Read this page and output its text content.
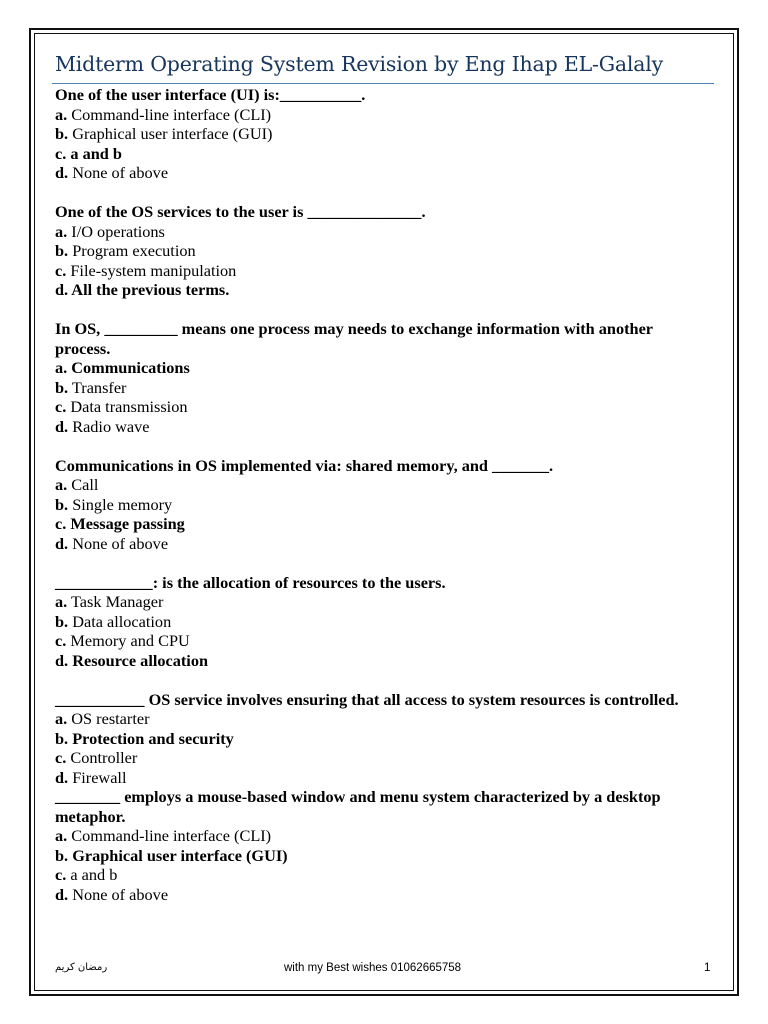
Midterm Operating System Revision by Eng Ihap EL-Galaly
One of the user interface (UI) is:__________.
a. Command-line interface (CLI)
b. Graphical user interface (GUI)
c. a and b
d. None of above
One of the OS services to the user is ______________.
a. I/O operations
b. Program execution
c. File-system manipulation
d. All the previous terms.
In OS, _________ means one process may needs to exchange information with another process.
a. Communications
b. Transfer
c. Data transmission
d. Radio wave
Communications in OS implemented via: shared memory, and _______.
a. Call
b. Single memory
c. Message passing
d. None of above
____________: is the allocation of resources to the users.
a. Task Manager
b. Data allocation
c. Memory and CPU
d. Resource allocation
___________ OS service involves ensuring that all access to system resources is controlled.
a. OS restarter
b. Protection and security
c. Controller
d. Firewall
________ employs a mouse-based window and menu system characterized by a desktop metaphor.
a. Command-line interface (CLI)
b. Graphical user interface (GUI)
c. a and b
d. None of above
رمضان كريم	with my Best wishes 01062665758	1
